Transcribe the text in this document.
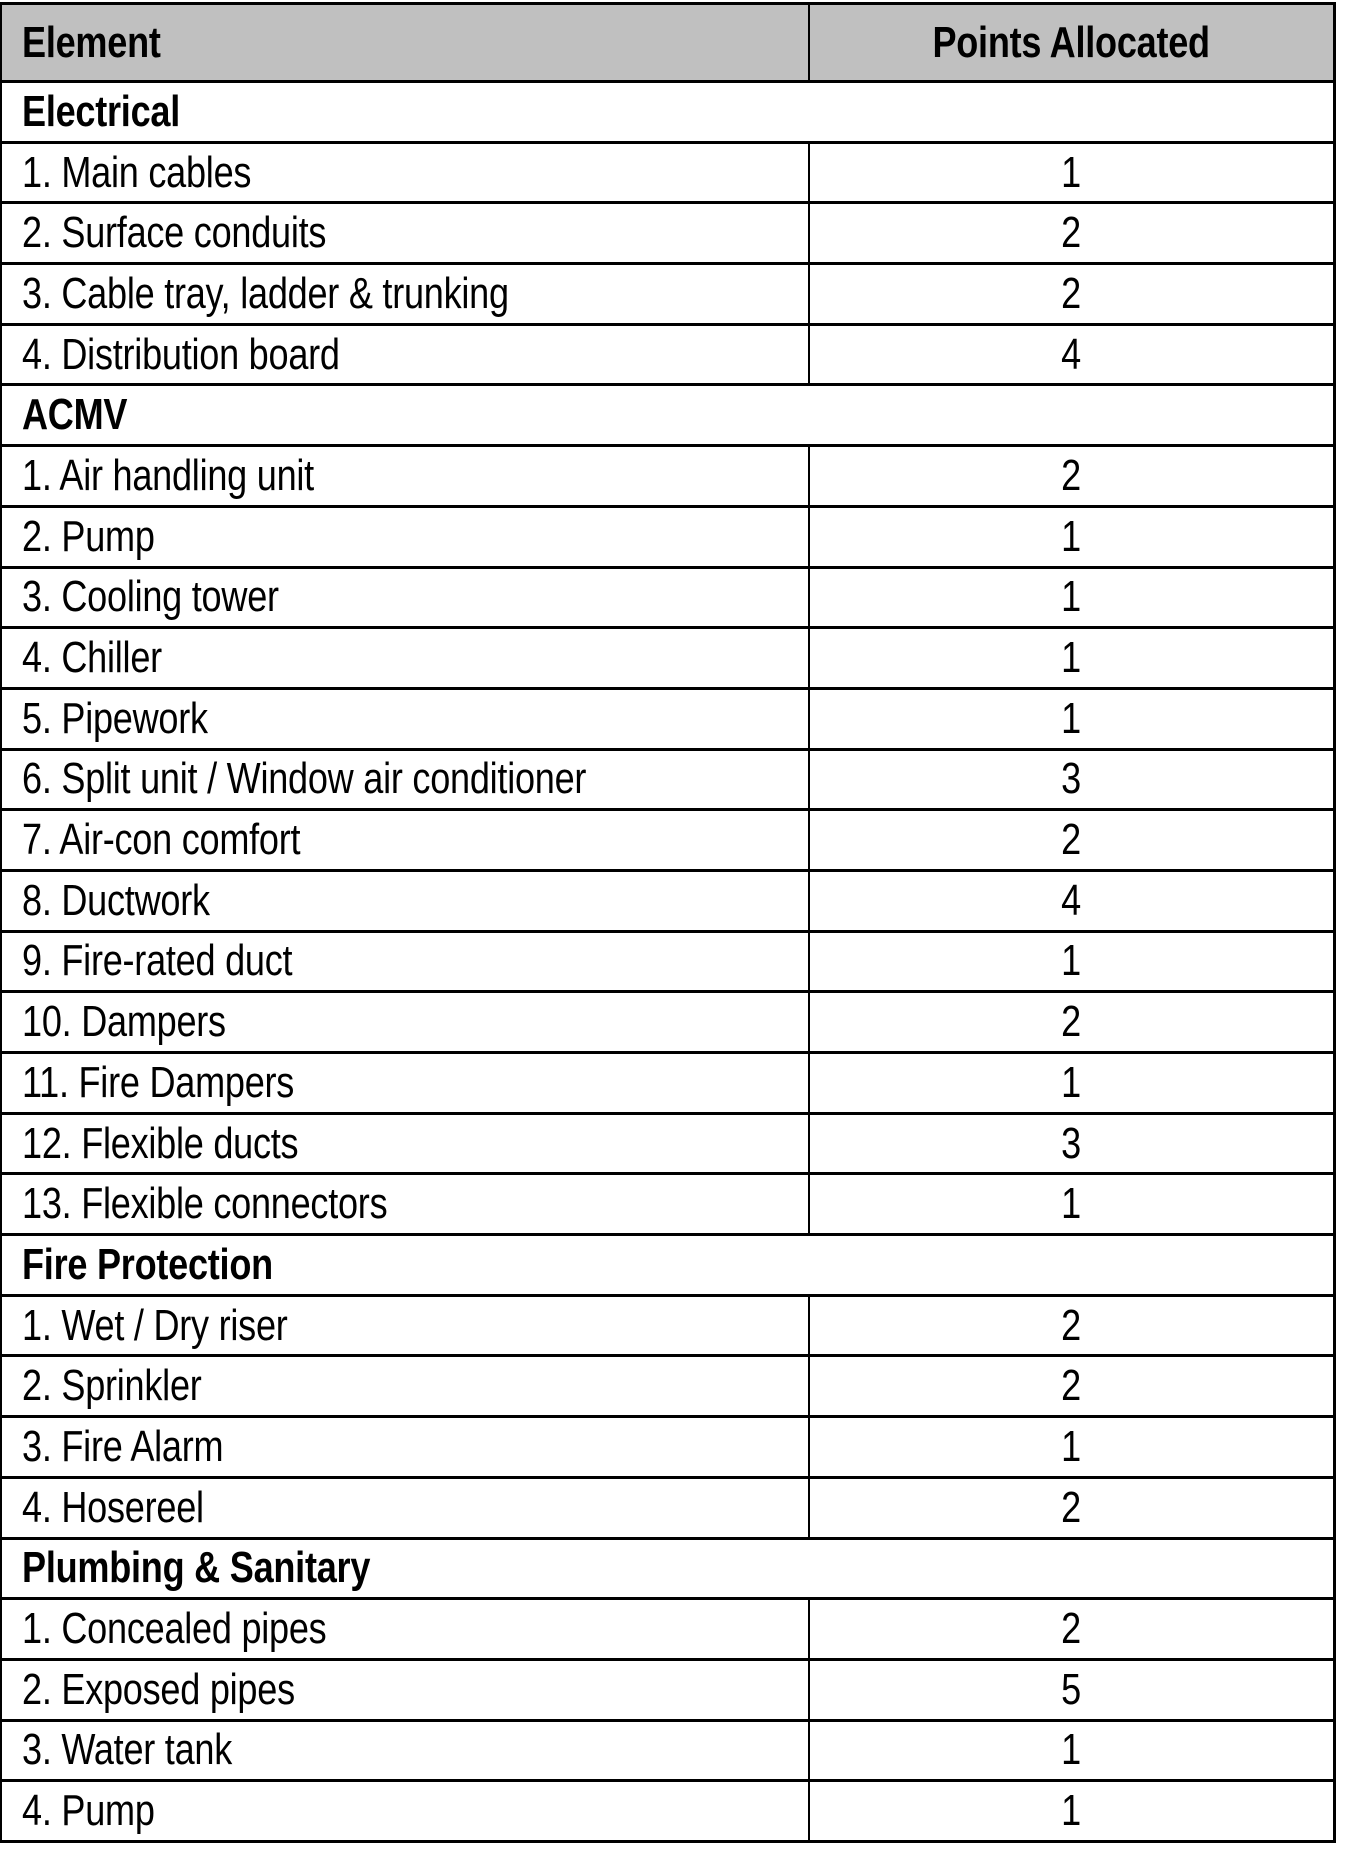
Element	Points Allocated
Electrical
1. Main cables	1
2. Surface conduits	2
3. Cable tray, ladder & trunking	2
4. Distribution board	4
ACMV
1. Air handling unit	2
2. Pump	1
3. Cooling tower	1
4. Chiller	1
5. Pipework	1
6. Split unit / Window air conditioner	3
7. Air-con comfort	2
8. Ductwork	4
9. Fire-rated duct	1
10. Dampers	2
11. Fire Dampers	1
12. Flexible ducts	3
13. Flexible connectors	1
Fire Protection
1. Wet / Dry riser	2
2. Sprinkler	2
3. Fire Alarm	1
4. Hosereel	2
Plumbing & Sanitary
1. Concealed pipes	2
2. Exposed pipes	5
3. Water tank	1
4. Pump	1
